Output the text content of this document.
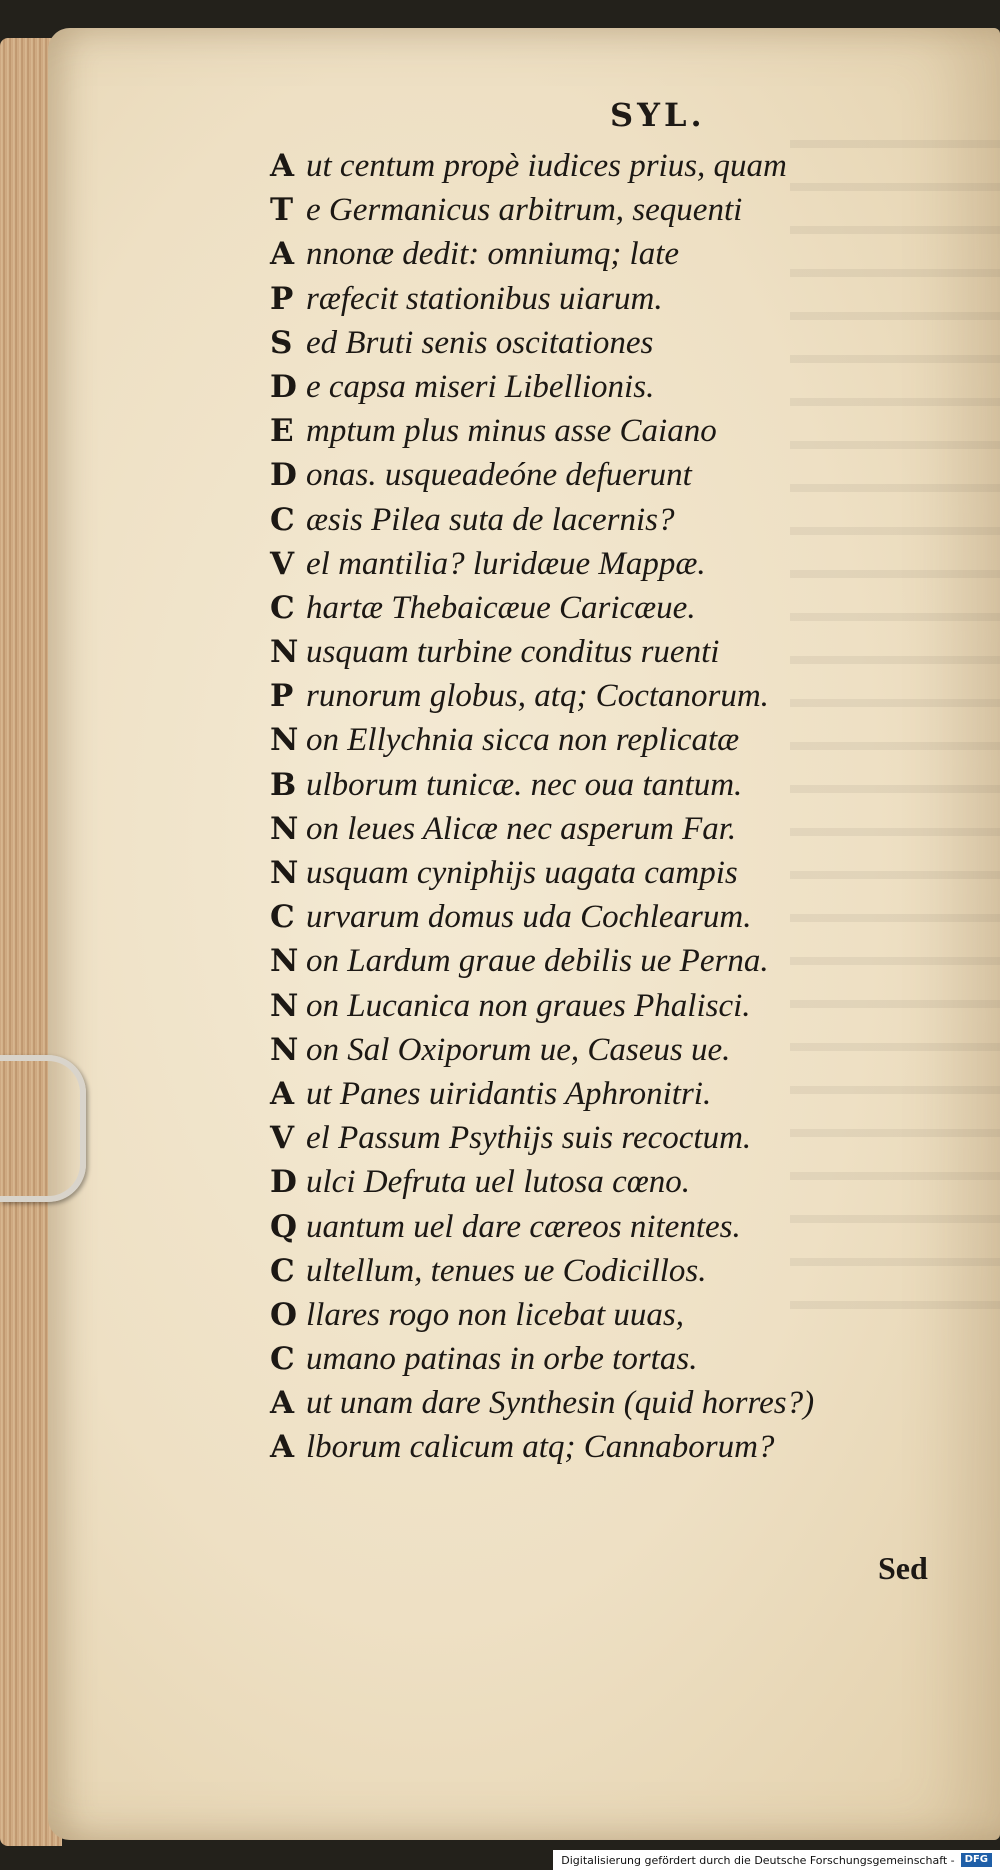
SYL.
A ut centum propè iudices prius, quam
T e Germanicus arbitrum, sequenti
A nnonæ dedit: omniumq; late
P ræfecit stationibus uiarum.
S ed Bruti senis oscitationes
D e capsa miseri Libellionis.
E mptum plus minus asse Caiano
D onas. usqueadeóne defuerunt
C æsis Pilea suta de lacernis?
V el mantilia? luridæue Mappæ.
C hartæ Thebaicæue Caricæue.
N usquam turbine conditus ruenti
P runorum globus, atq; Coctanorum.
N on Ellychnia sicca non replicatæ
B ulborum tunicæ. nec oua tantum.
N on leues Alicæ nec asperum Far.
N usquam cyniphijs uagata campis
C urvarum domus uda Cochlearum.
N on Lardum graue debilis ue Perna.
N on Lucanica non graues Phalisci.
N on Sal Oxiporum ue, Caseus ue.
A ut Panes uiridantis Aphronitri.
V el Passum Psythijs suis recoctum.
D ulci Defruta uel lutosa cœno.
Q uantum uel dare cæreos nitentes.
C ultellum, tenues ue Codicillos.
O llares rogo non licebat uuas,
C umano patinas in orbe tortas.
A ut unam dare Synthesin (quid horres?)
A lborum calicum atq; Cannaborum?
Sed
Digitalisierung gefördert durch die Deutsche Forschungsgemeinschaft -	DFG
